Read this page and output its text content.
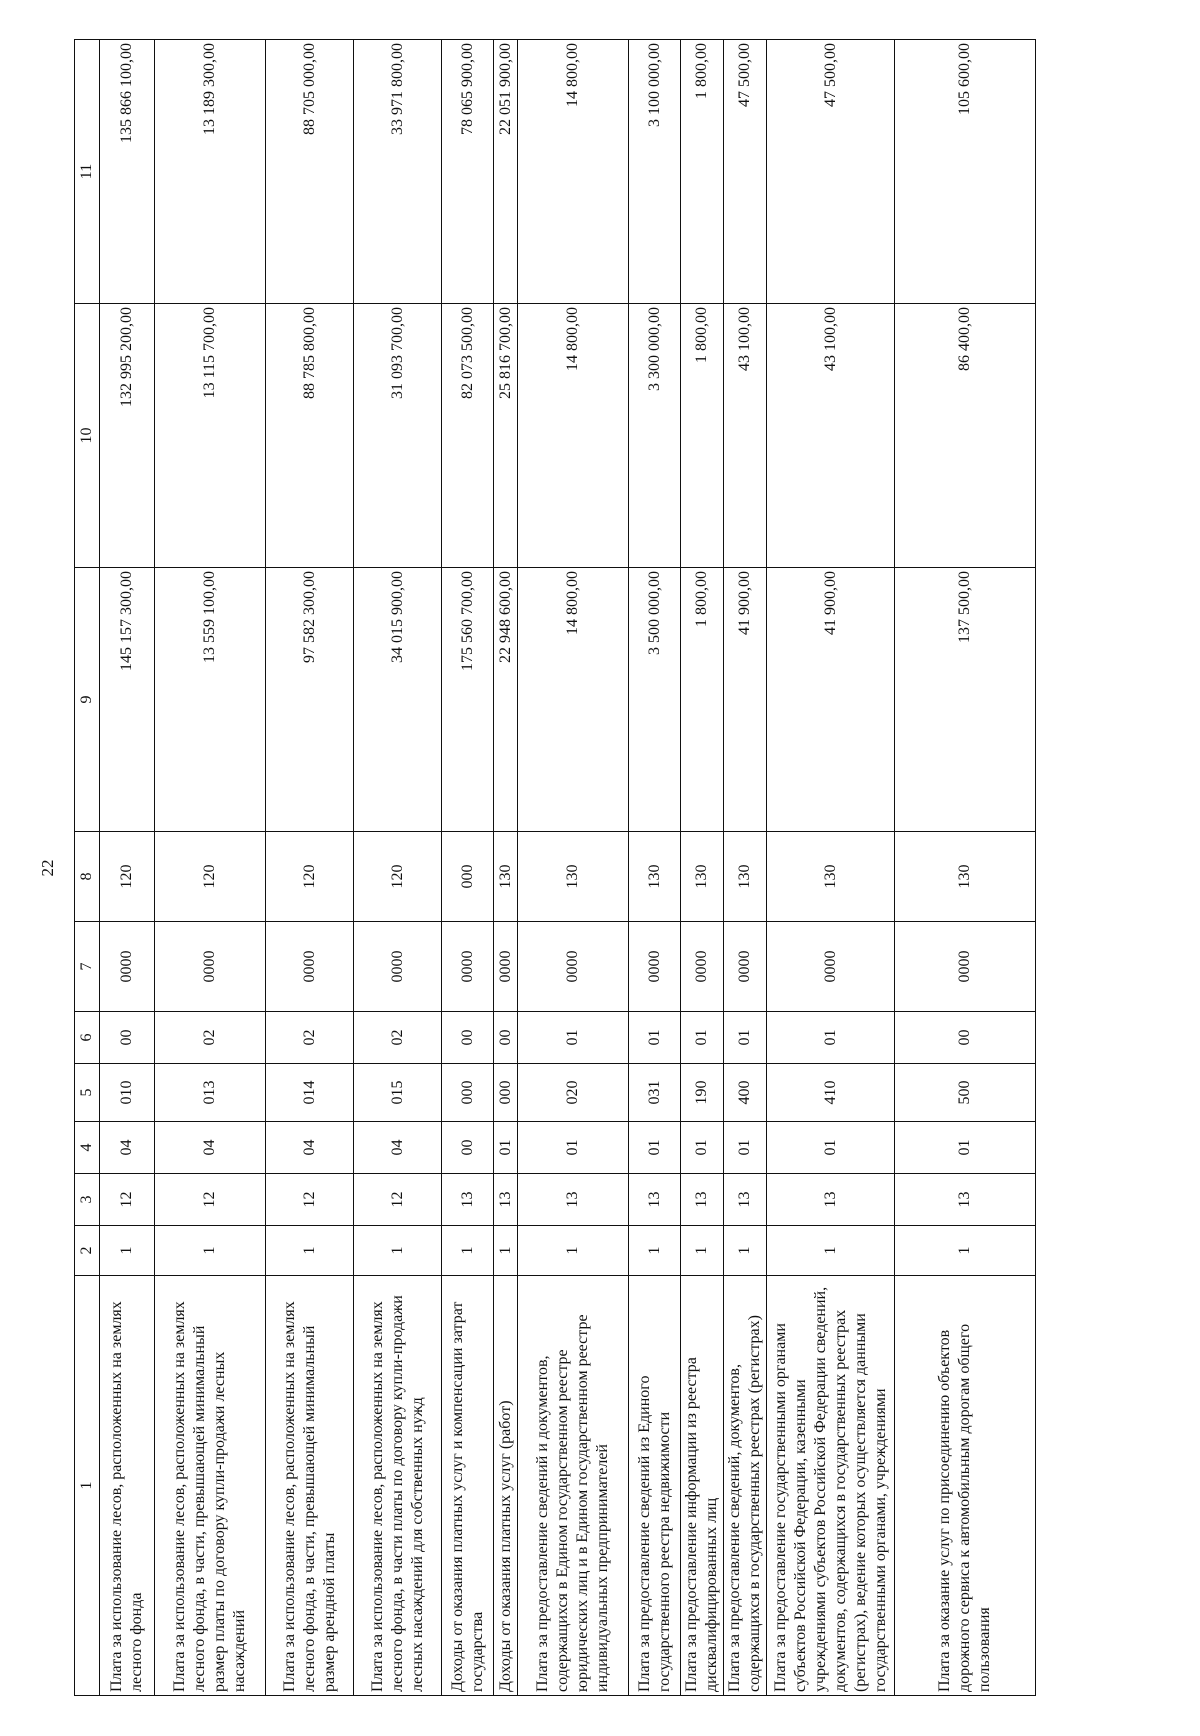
22
1	2	3	4	5	6	7	8	9	10	11
Плата за использование лесов, расположенных на землях лесного фонда	1	12	04	010	00	0000	120	145 157 300,00	132 995 200,00	135 866 100,00
Плата за использование лесов, расположенных на землях лесного фонда, в части, превышающей минимальный размер платы по договору купли-продажи лесных насаждений	1	12	04	013	02	0000	120	13 559 100,00	13 115 700,00	13 189 300,00
Плата за использование лесов, расположенных на землях лесного фонда, в части, превышающей минимальный размер арендной платы	1	12	04	014	02	0000	120	97 582 300,00	88 785 800,00	88 705 000,00
Плата за использование лесов, расположенных на землях лесного фонда, в части платы по договору купли-продажи лесных насаждений для собственных нужд	1	12	04	015	02	0000	120	34 015 900,00	31 093 700,00	33 971 800,00
Доходы от оказания платных услуг и компенсации затрат государства	1	13	00	000	00	0000	000	175 560 700,00	82 073 500,00	78 065 900,00
Доходы от оказания платных услуг (работ)	1	13	01	000	00	0000	130	22 948 600,00	25 816 700,00	22 051 900,00
Плата за предоставление сведений и документов, содержащихся в Едином государственном реестре юридических лиц и в Едином государственном реестре индивидуальных предпринимателей	1	13	01	020	01	0000	130	14 800,00	14 800,00	14 800,00
Плата за предоставление сведений из Единого государственного реестра недвижимости	1	13	01	031	01	0000	130	3 500 000,00	3 300 000,00	3 100 000,00
Плата за предоставление информации из реестра дисквалифицированных лиц	1	13	01	190	01	0000	130	1 800,00	1 800,00	1 800,00
Плата за предоставление сведений, документов, содержащихся в государственных реестрах (регистрах)	1	13	01	400	01	0000	130	41 900,00	43 100,00	47 500,00
Плата за предоставление государственными органами субъектов Российской Федерации, казенными учреждениями субъектов Российской Федерации сведений, документов, содержащихся в государственных реестрах (регистрах), ведение которых осуществляется данными государственными органами, учреждениями	1	13	01	410	01	0000	130	41 900,00	43 100,00	47 500,00
Плата за оказание услуг по присоединению объектов дорожного сервиса к автомобильным дорогам общего пользования	1	13	01	500	00	0000	130	137 500,00	86 400,00	105 600,00
